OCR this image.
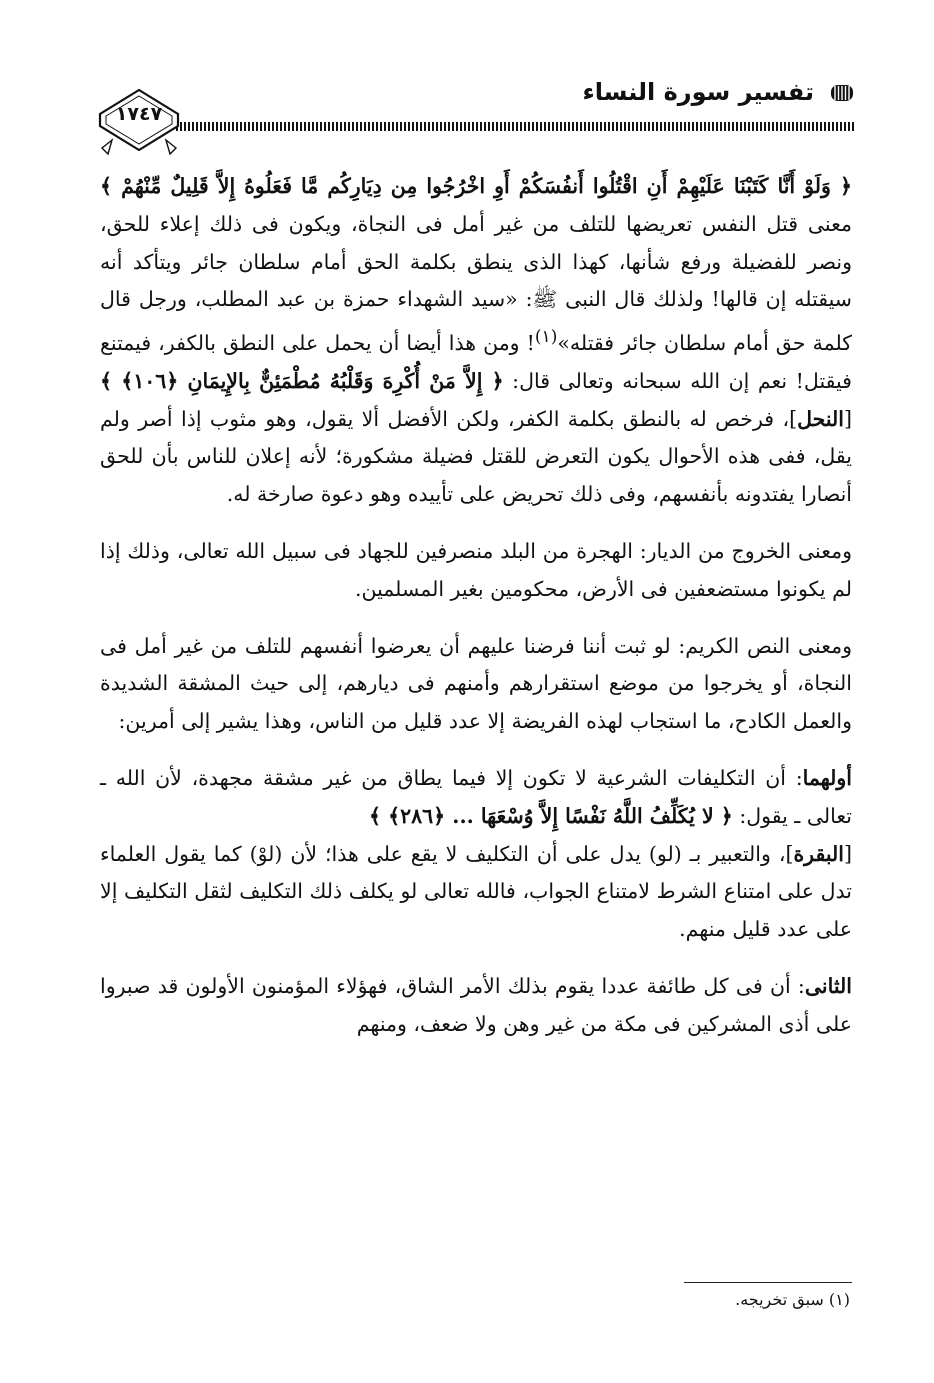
تفسير سورة النساء
١٧٤٧

﴿ وَلَوْ أَنَّا كَتَبْنَا عَلَيْهِمْ أَنِ اقْتُلُوا أَنفُسَكُمْ أَوِ اخْرُجُوا مِن دِيَارِكُم مَّا فَعَلُوهُ إِلاَّ قَلِيلٌ مِّنْهُمْ ﴾ معنى قتل النفس تعريضها للتلف من غير أمل فى النجاة، ويكون فى ذلك إعلاء للحق، ونصر للفضيلة ورفع شأنها، كهذا الذى ينطق بكلمة الحق أمام سلطان جائر ويتأكد أنه سيقتله إن قالها! ولذلك قال النبى ﷺ: «سيد الشهداء حمزة بن عبد المطلب، ورجل قال كلمة حق أمام سلطان جائر فقتله»$^{(١)}$! ومن هذا أيضا أن يحمل على النطق بالكفر، فيمتنع فيقتل! نعم إن الله سبحانه وتعالى قال: ﴿ إِلاَّ مَنْ أُكْرِهَ وَقَلْبُهُ مُطْمَئِنٌّ بِالإِيمَانِ ﴿١٠٦﴾ ﴾ [النحل]، فرخص له بالنطق بكلمة الكفر، ولكن الأفضل ألا يقول، وهو مثوب إذا أصر ولم يقل، ففى هذه الأحوال يكون التعرض للقتل فضيلة مشكورة؛ لأنه إعلان للناس بأن للحق أنصارا يفتدونه بأنفسهم، وفى ذلك تحريض على تأييده وهو دعوة صارخة له.

ومعنى الخروج من الديار: الهجرة من البلد منصرفين للجهاد فى سبيل الله تعالى، وذلك إذا لم يكونوا مستضعفين فى الأرض، محكومين بغير المسلمين.

ومعنى النص الكريم: لو ثبت أننا فرضنا عليهم أن يعرضوا أنفسهم للتلف من غير أمل فى النجاة، أو يخرجوا من موضع استقرارهم وأمنهم فى ديارهم، إلى حيث المشقة الشديدة والعمل الكادح، ما استجاب لهذه الفريضة إلا عدد قليل من الناس، وهذا يشير إلى أمرين:

أولهما: أن التكليفات الشرعية لا تكون إلا فيما يطاق من غير مشقة مجهدة، لأن الله ـ تعالى ـ يقول: ﴿ لا يُكَلِّفُ اللَّهُ نَفْسًا إِلاَّ وُسْعَهَا ... ﴿٢٨٦﴾ ﴾
[البقرة]، والتعبير بـ (لو) يدل على أن التكليف لا يقع على هذا؛ لأن (لوْ) كما يقول العلماء تدل على امتناع الشرط لامتناع الجواب، فالله تعالى لو يكلف ذلك التكليف لثقل التكليف إلا على عدد قليل منهم.

الثانى: أن فى كل طائفة عددا يقوم بذلك الأمر الشاق، فهؤلاء المؤمنون الأولون قد صبروا على أذى المشركين فى مكة من غير وهن ولا ضعف، ومنهم

(١) سبق تخريجه.
